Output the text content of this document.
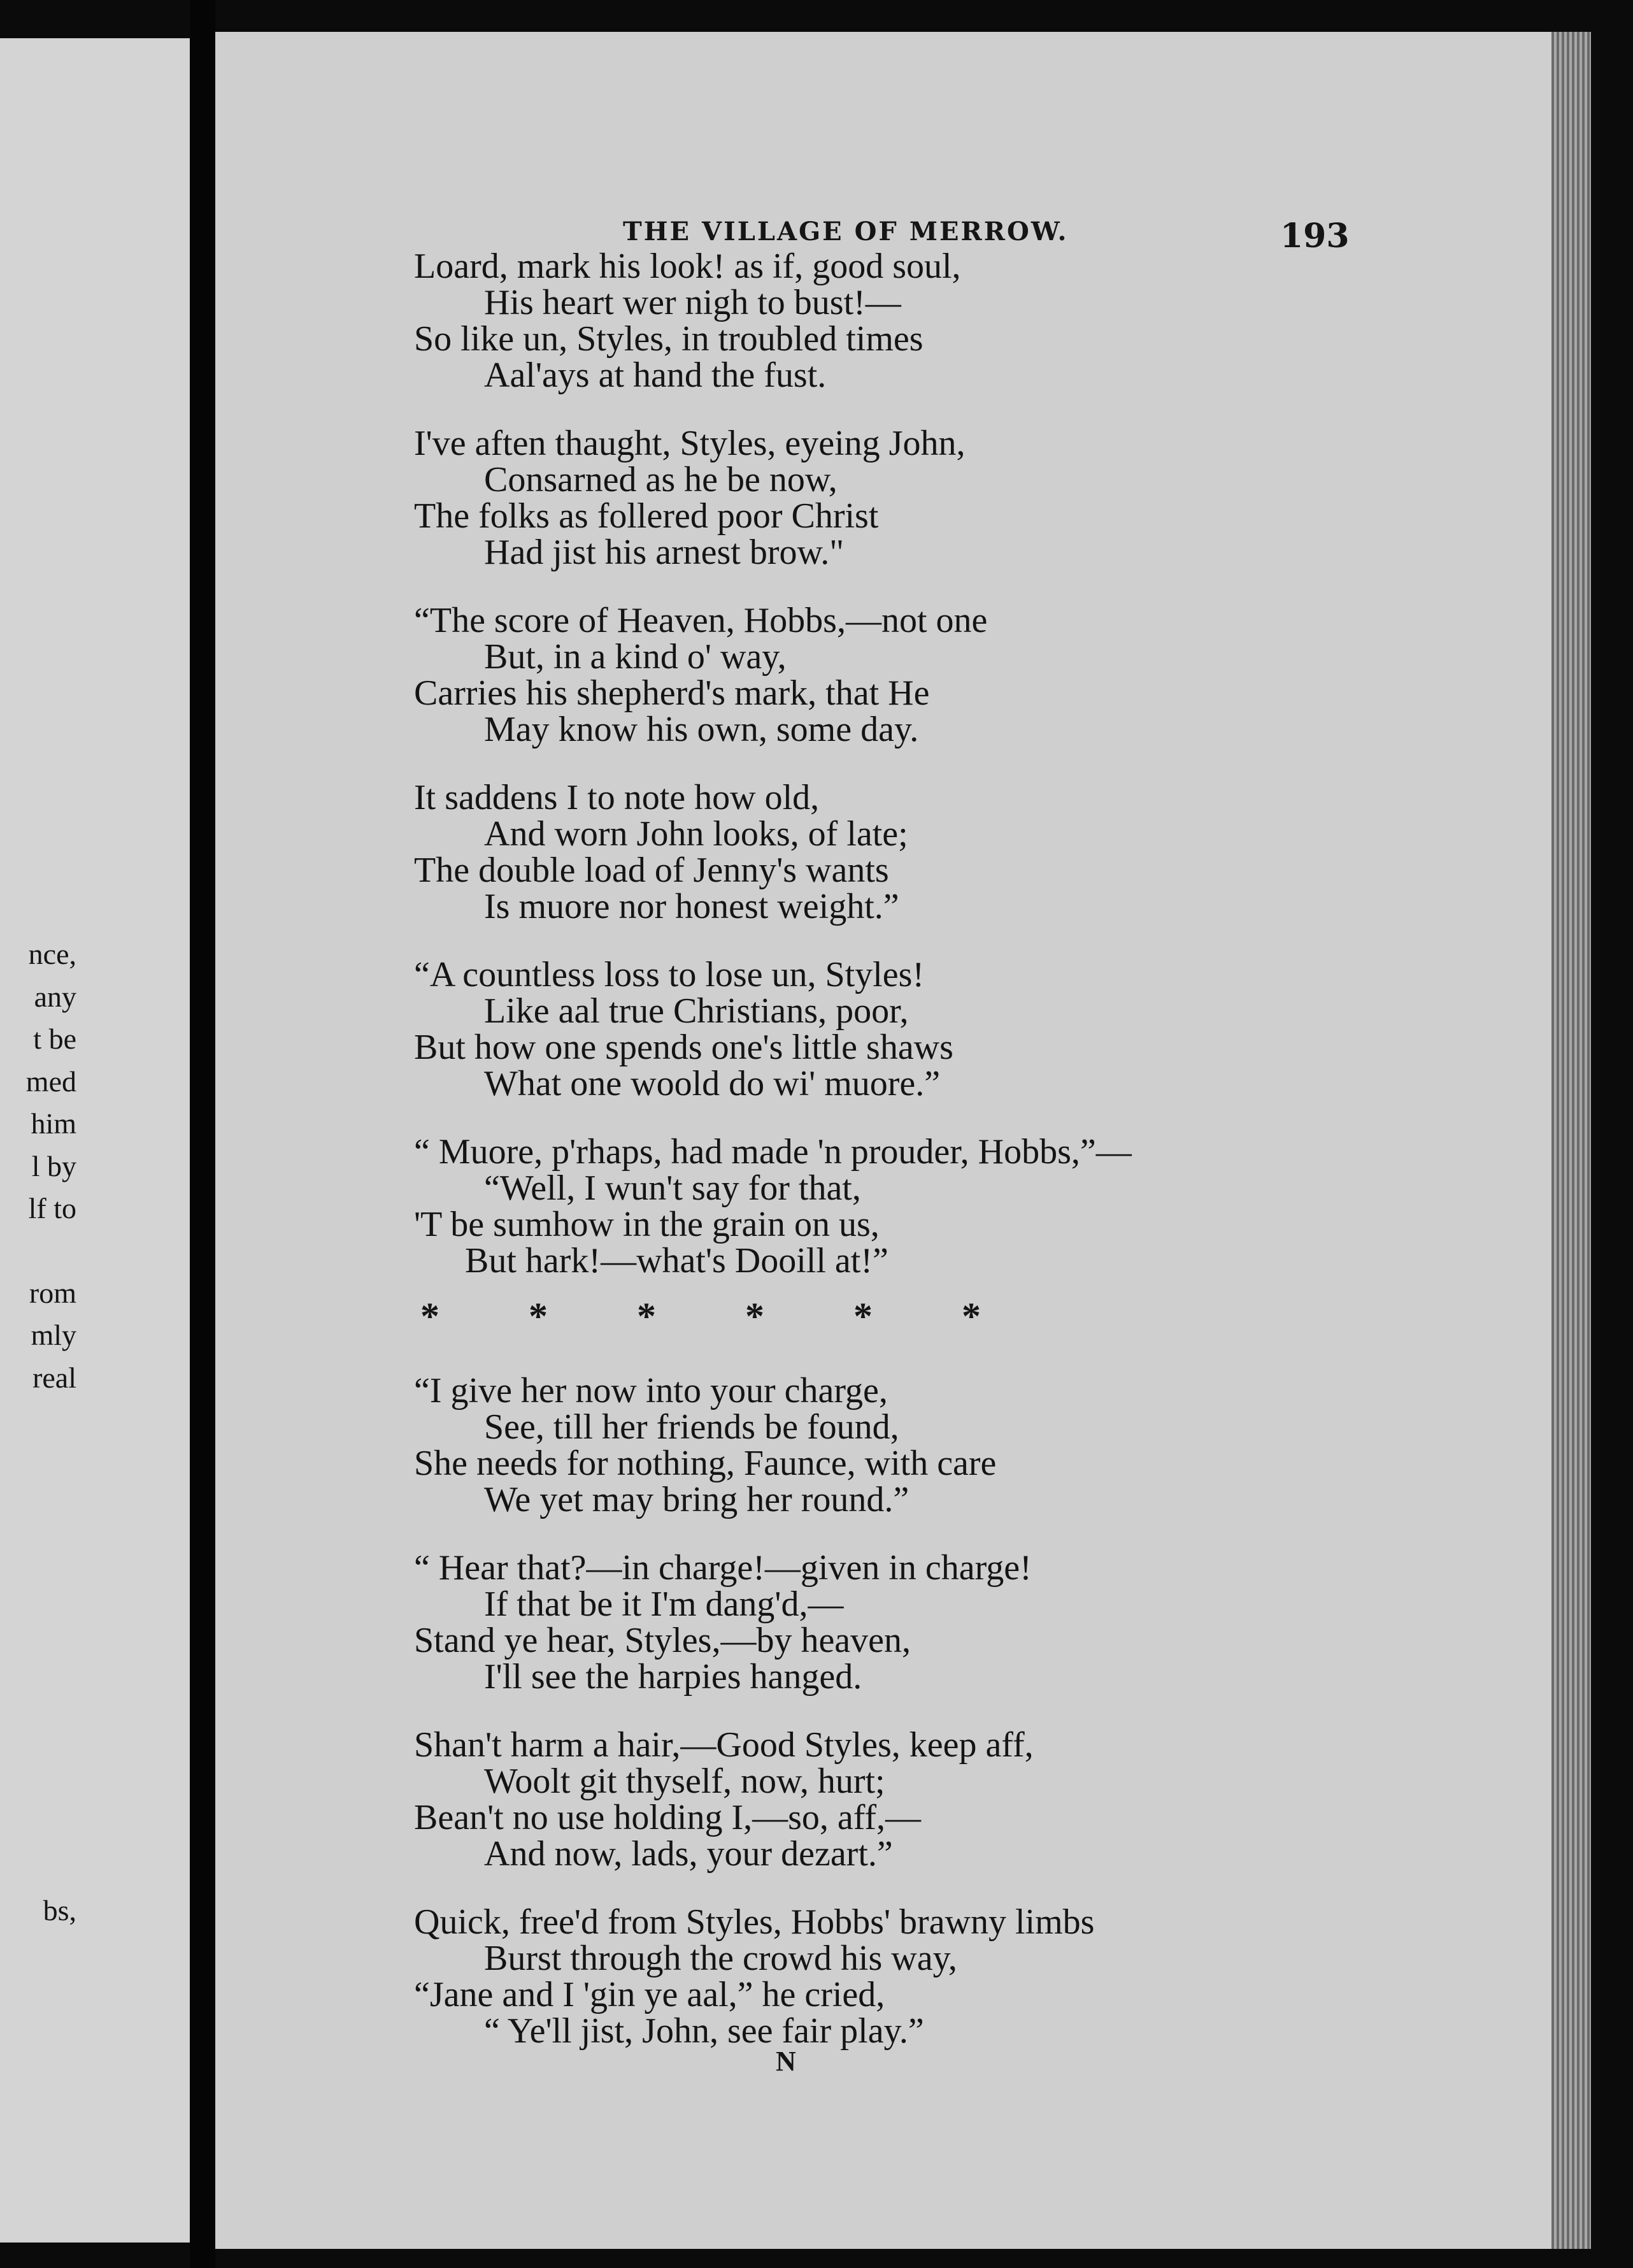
nce,
any
t be
med
him
l by
lf to
rom
mly
real
bs,
THE VILLAGE OF MERROW.	193
Loard, mark his look! as if, good soul,
His heart wer nigh to bust!—
So like un, Styles, in troubled times
Aal'ays at hand the fust.
I've aften thaught, Styles, eyeing John,
Consarned as he be now,
The folks as follered poor Christ
Had jist his arnest brow."
“The score of Heaven, Hobbs,—not one
But, in a kind o' way,
Carries his shepherd's mark, that He
May know his own, some day.
It saddens I to note how old,
And worn John looks, of late;
The double load of Jenny's wants
Is muore nor honest weight.”
“A countless loss to lose un, Styles!
Like aal true Christians, poor,
But how one spends one's little shaws
What one woold do wi' muore.”
“ Muore, p'rhaps, had made 'n prouder, Hobbs,”—
“Well, I wun't say for that,
'T be sumhow in the grain on us,
But hark!—what's Dooill at!”
* * * * * *
“I give her now into your charge,
See, till her friends be found,
She needs for nothing, Faunce, with care
We yet may bring her round.”
“ Hear that?—in charge!—given in charge!
If that be it I'm dang'd,—
Stand ye hear, Styles,—by heaven,
I'll see the harpies hanged.
Shan't harm a hair,—Good Styles, keep aff,
Woolt git thyself, now, hurt;
Bean't no use holding I,—so, aff,—
And now, lads, your dezart.”
Quick, free'd from Styles, Hobbs' brawny limbs
Burst through the crowd his way,
“Jane and I 'gin ye aal,” he cried,
“ Ye'll jist, John, see fair play.”
N
